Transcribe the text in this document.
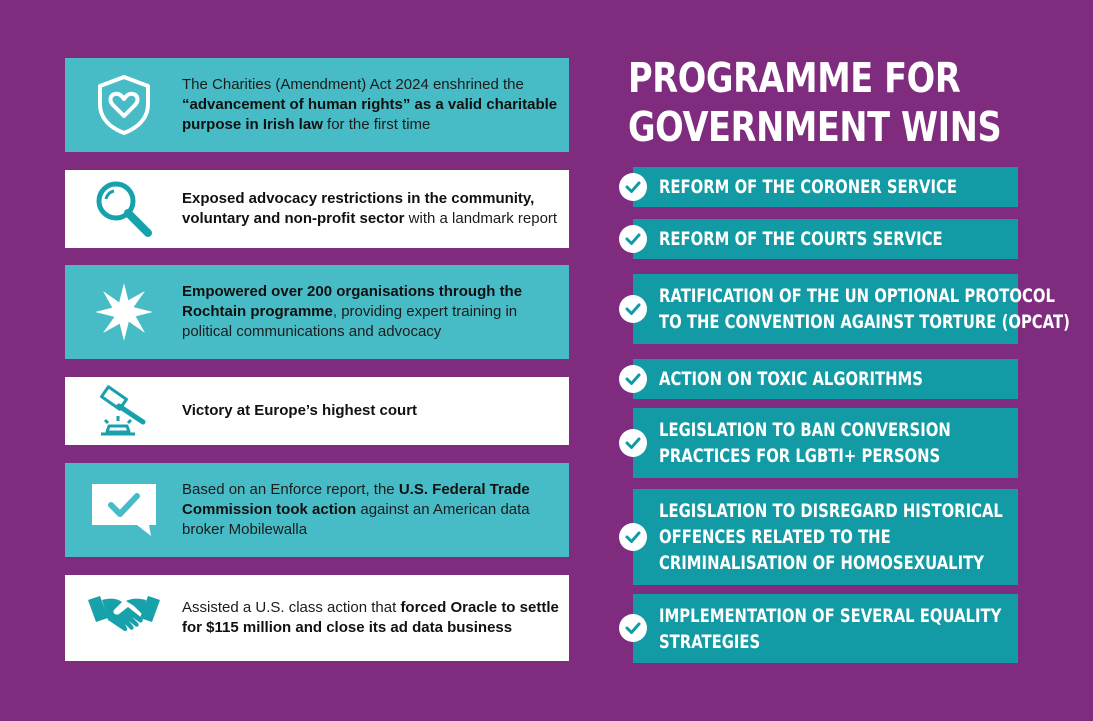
The Charities (Amendment) Act 2024 enshrined the “advancement of human rights” as a valid charitable purpose in Irish law for the first time
Exposed advocacy restrictions in the community, voluntary and non-profit sector with a landmark report
Empowered over 200 organisations through the Rochtain programme, providing expert training in political communications and advocacy
Victory at Europe’s highest court
Based on an Enforce report, the U.S. Federal Trade Commission took action against an American data broker Mobilewalla
Assisted a U.S. class action that forced Oracle to settle for $115 million and close its ad data business
PROGRAMME FOR
GOVERNMENT WINS
REFORM OF THE CORONER SERVICE
REFORM OF THE COURTS SERVICE
RATIFICATION OF THE UN OPTIONAL PROTOCOL
TO THE CONVENTION AGAINST TORTURE (OPCAT)
ACTION ON TOXIC ALGORITHMS
LEGISLATION TO BAN CONVERSION
PRACTICES FOR LGBTI+ PERSONS
LEGISLATION TO DISREGARD HISTORICAL
OFFENCES RELATED TO THE
CRIMINALISATION OF HOMOSEXUALITY
IMPLEMENTATION OF SEVERAL EQUALITY
STRATEGIES
